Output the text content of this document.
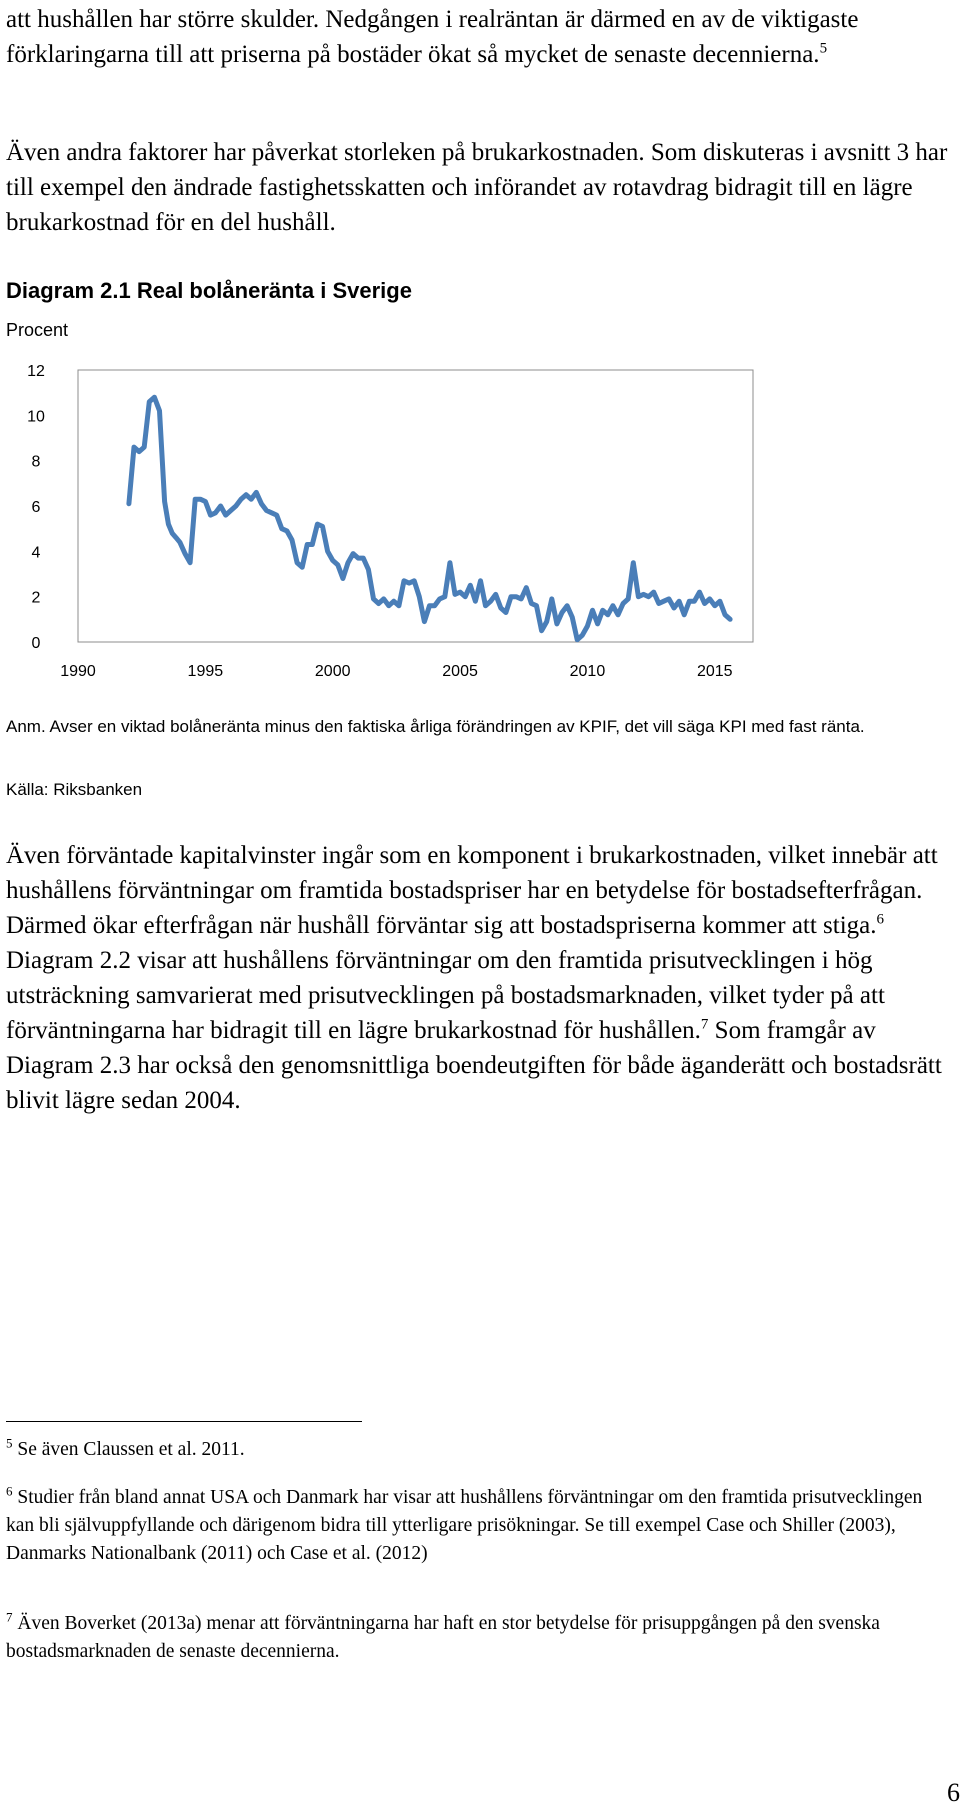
att hushållen har större skulder. Nedgången i realräntan är därmed en av de viktigaste förklaringarna till att priserna på bostäder ökat så mycket de senaste decennierna.$^5$

Även andra faktorer har påverkat storleken på brukarkostnaden. Som diskuteras i avsnitt 3 har till exempel den ändrade fastighetsskatten och införandet av rotavdrag bidragit till en lägre brukarkostnad för en del hushåll.

Diagram 2.1 Real bolåneränta i Sverige

Procent

0
2
4
6
8
10
12
1990	1995	2000	2005	2010	2015

Anm. Avser en viktad bolåneränta minus den faktiska årliga förändringen av KPIF, det vill säga KPI med fast ränta.

Källa: Riksbanken

Även förväntade kapitalvinster ingår som en komponent i brukarkostnaden, vilket innebär att hushållens förväntningar om framtida bostadspriser har en betydelse för bostadsefterfrågan. Därmed ökar efterfrågan när hushåll förväntar sig att bostadspriserna kommer att stiga.$^6$ Diagram 2.2 visar att hushållens förväntningar om den framtida prisutvecklingen i hög utsträckning samvarierat med prisutvecklingen på bostadsmarknaden, vilket tyder på att förväntningarna har bidragit till en lägre brukarkostnad för hushållen.$^7$ Som framgår av Diagram 2.3 har också den genomsnittliga boendeutgiften för både äganderätt och bostadsrätt blivit lägre sedan 2004.

$^5$ Se även Claussen et al. 2011.

$^6$ Studier från bland annat USA och Danmark har visar att hushållens förväntningar om den framtida prisutvecklingen kan bli självuppfyllande och därigenom bidra till ytterligare prisökningar. Se till exempel Case och Shiller (2003), Danmarks Nationalbank (2011) och Case et al. (2012)

$^7$ Även Boverket (2013a) menar att förväntningarna har haft en stor betydelse för prisuppgången på den svenska bostadsmarknaden de senaste decennierna.

6
